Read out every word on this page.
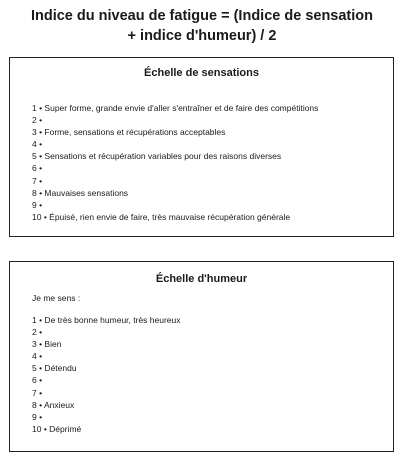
Indice du niveau de fatigue = (Indice de sensation
+ indice d'humeur) / 2
Échelle de sensations
1 • Super forme, grande envie d'aller s'entraîner et de faire des compétitions
2 •
3 • Forme, sensations et récupérations acceptables
4 •
5 • Sensations et récupération variables pour des raisons diverses
6 •
7 •
8 • Mauvaises sensations
9 •
10 • Épuisé, rien envie de faire, très mauvaise récupération générale
Échelle d'humeur
Je me sens :
1 • De très bonne humeur, très heureux
2 •
3 • Bien
4 •
5 • Détendu
6 •
7 •
8 • Anxieux
9 •
10 • Déprimé
